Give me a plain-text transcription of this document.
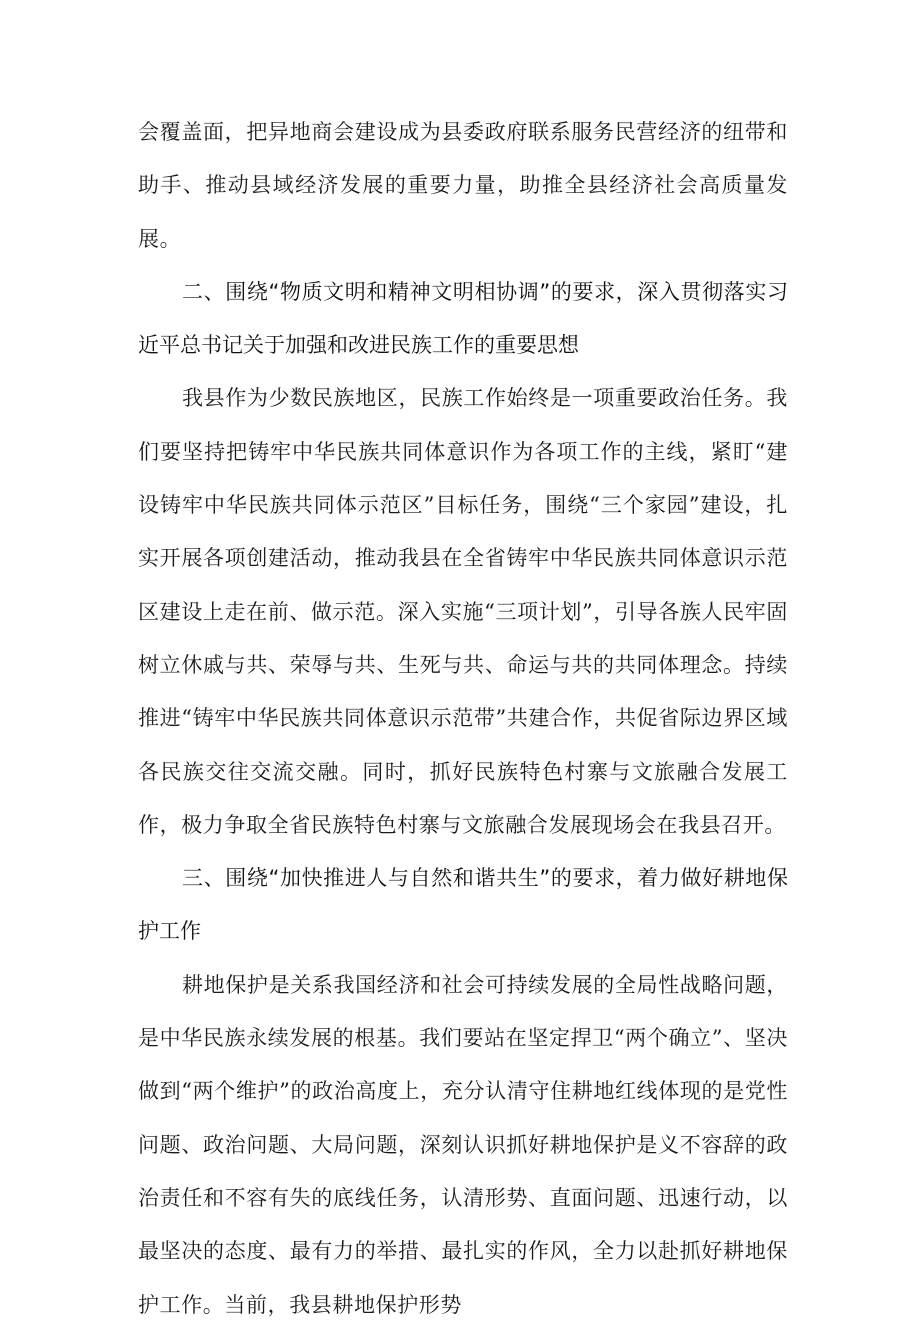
会覆盖面，把异地商会建设成为县委政府联系服务民营经济的纽带和助手、推动县域经济发展的重要力量，助推全县经济社会高质量发展。

二、围绕“物质文明和精神文明相协调”的要求，深入贯彻落实习近平总书记关于加强和改进民族工作的重要思想

我县作为少数民族地区，民族工作始终是一项重要政治任务。我们要坚持把铸牢中华民族共同体意识作为各项工作的主线，紧盯“建设铸牢中华民族共同体示范区”目标任务，围绕“三个家园”建设，扎实开展各项创建活动，推动我县在全省铸牢中华民族共同体意识示范区建设上走在前、做示范。深入实施“三项计划”，引导各族人民牢固树立休戚与共、荣辱与共、生死与共、命运与共的共同体理念。持续推进“铸牢中华民族共同体意识示范带”共建合作，共促省际边界区域各民族交往交流交融。同时，抓好民族特色村寨与文旅融合发展工作，极力争取全省民族特色村寨与文旅融合发展现场会在我县召开。

三、围绕“加快推进人与自然和谐共生”的要求，着力做好耕地保护工作

耕地保护是关系我国经济和社会可持续发展的全局性战略问题，是中华民族永续发展的根基。我们要站在坚定捍卫“两个确立”、坚决做到“两个维护”的政治高度上，充分认清守住耕地红线体现的是党性问题、政治问题、大局问题，深刻认识抓好耕地保护是义不容辞的政治责任和不容有失的底线任务，认清形势、直面问题、迅速行动，以最坚决的态度、最有力的举措、最扎实的作风，全力以赴抓好耕地保护工作。当前，我县耕地保护形势
